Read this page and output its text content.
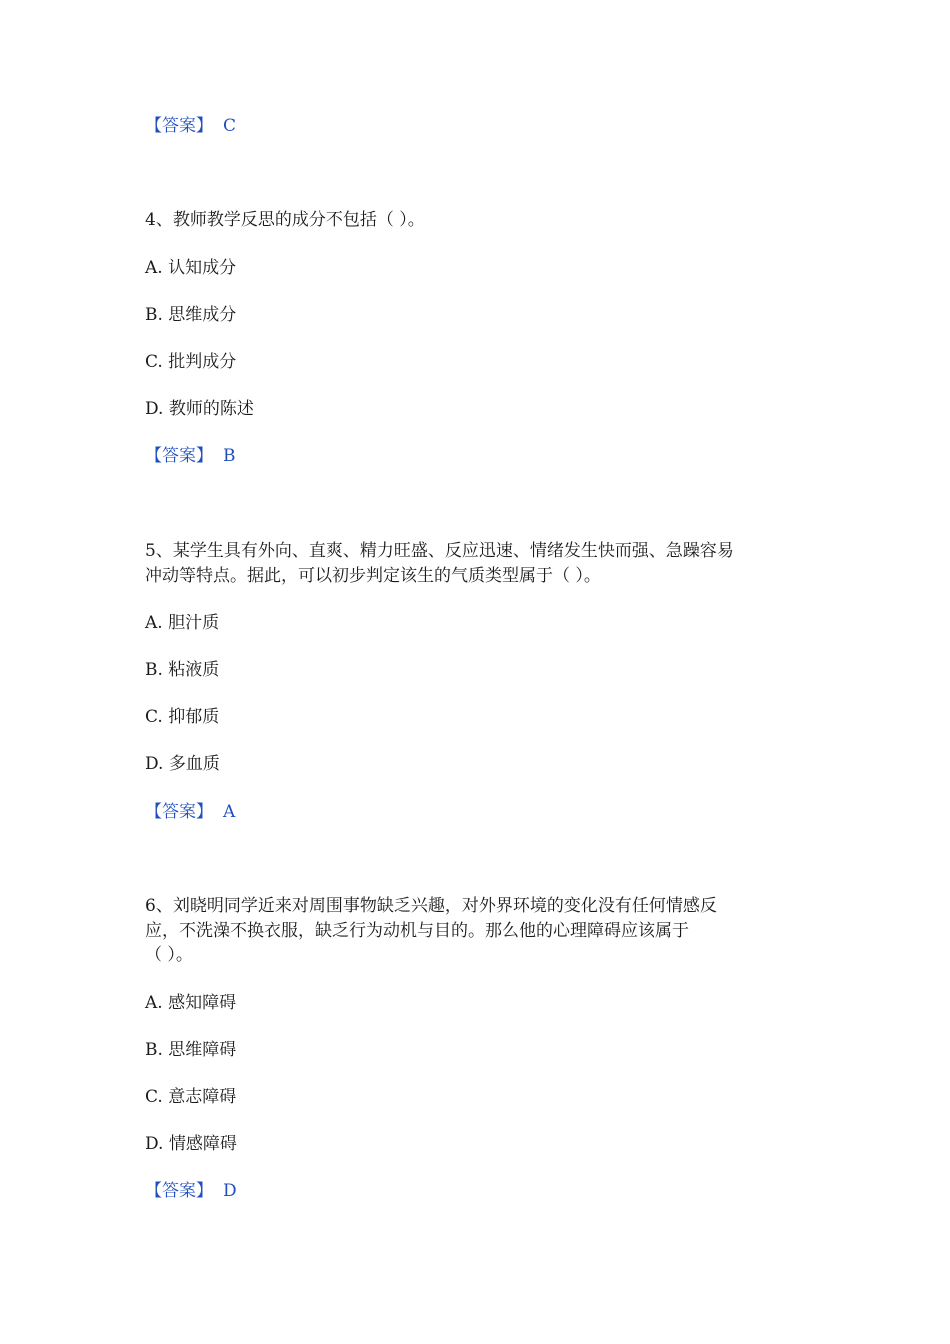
【答案】 C

4、教师教学反思的成分不包括（ ）。

A. 认知成分

B. 思维成分

C. 批判成分

D. 教师的陈述

【答案】 B

5、某学生具有外向、直爽、精力旺盛、反应迅速、情绪发生快而强、急躁容易

冲动等特点。据此，可以初步判定该生的气质类型属于（ ）。

A. 胆汁质

B. 粘液质

C. 抑郁质

D. 多血质

【答案】 A

6、刘晓明同学近来对周围事物缺乏兴趣，对外界环境的变化没有任何情感反

应，不洗澡不换衣服，缺乏行为动机与目的。那么他的心理障碍应该属于

（ ）。

A. 感知障碍

B. 思维障碍

C. 意志障碍

D. 情感障碍

【答案】 D
